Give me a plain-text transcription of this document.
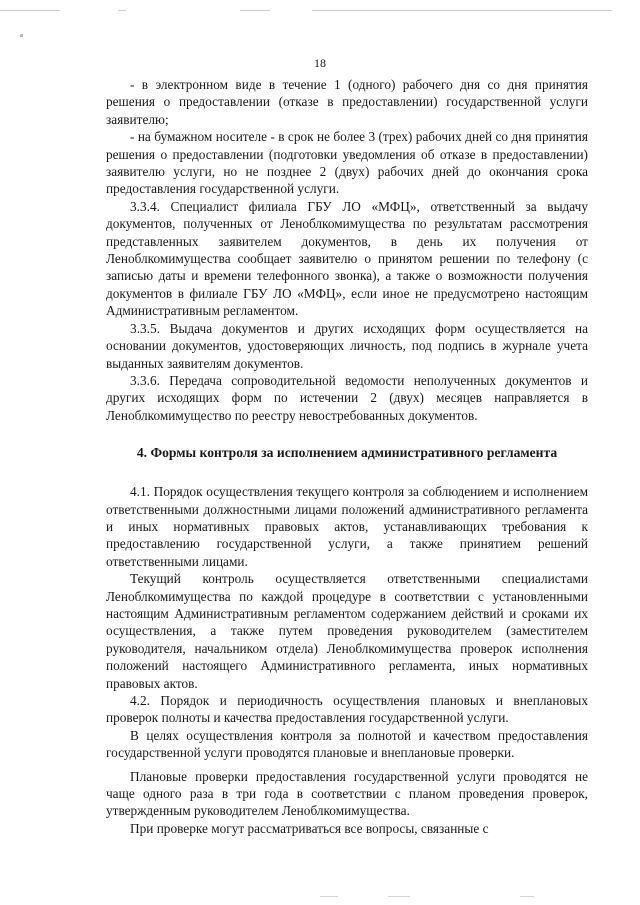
18

- в электронном виде в течение 1 (одного) рабочего дня со дня принятия решения о предоставлении (отказе в предоставлении) государственной услуги заявителю;

- на бумажном носителе - в срок не более 3 (трех) рабочих дней со дня принятия решения о предоставлении (подготовки уведомления об отказе в предоставлении) заявителю услуги, но не позднее 2 (двух) рабочих дней до окончания срока предоставления государственной услуги.

3.3.4. Специалист филиала ГБУ ЛО «МФЦ», ответственный за выдачу документов, полученных от Леноблкомимущества по результатам рассмотрения представленных заявителем документов, в день их получения от Леноблкомимущества сообщает заявителю о принятом решении по телефону (с записью даты и времени телефонного звонка), а также о возможности получения документов в филиале ГБУ ЛО «МФЦ», если иное не предусмотрено настоящим Административным регламентом.

3.3.5. Выдача документов и других исходящих форм осуществляется на основании документов, удостоверяющих личность, под подпись в журнале учета выданных заявителям документов.

3.3.6. Передача сопроводительной ведомости неполученных документов и других исходящих форм по истечении 2 (двух) месяцев направляется в Леноблкомимущество по реестру невостребованных документов.

4. Формы контроля за исполнением административного регламента

4.1. Порядок осуществления текущего контроля за соблюдением и исполнением ответственными должностными лицами положений административного регламента и иных нормативных правовых актов, устанавливающих требования к предоставлению государственной услуги, а также принятием решений ответственными лицами.

Текущий контроль осуществляется ответственными специалистами Леноблкомимущества по каждой процедуре в соответствии с установленными настоящим Административным регламентом содержанием действий и сроками их осуществления, а также путем проведения руководителем (заместителем руководителя, начальником отдела) Леноблкомимущества проверок исполнения положений настоящего Административного регламента, иных нормативных правовых актов.

4.2. Порядок и периодичность осуществления плановых и внеплановых проверок полноты и качества предоставления государственной услуги.

В целях осуществления контроля за полнотой и качеством предоставления государственной услуги проводятся плановые и внеплановые проверки.

Плановые проверки предоставления государственной услуги проводятся не чаще одного раза в три года в соответствии с планом проведения проверок, утвержденным руководителем Леноблкомимущества.

При проверке могут рассматриваться все вопросы, связанные с
